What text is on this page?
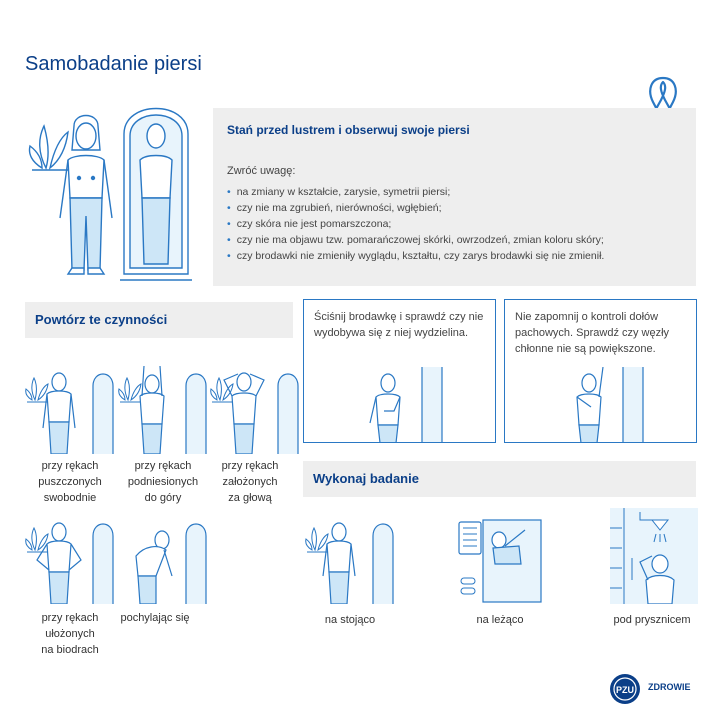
Samobadanie piersi
Stań przed lustrem i obserwuj swoje piersi
Zwróć uwagę:
• na zmiany w kształcie, zarysie, symetrii piersi;
• czy nie ma zgrubień, nierówności, wgłębień;
• czy skóra nie jest pomarszczona;
• czy nie ma objawu tzw. pomarańczowej skórki, owrzodzeń, zmian koloru skóry;
• czy brodawki nie zmieniły wyglądu, kształtu, czy zarys brodawki się nie zmienił.
Powtórz te czynności
przy rękach
puszczonych
swobodnie
przy rękach
podniesionych
do góry
przy rękach
założonych
za głową
przy rękach
ułożonych
na biodrach
pochylając się
Ściśnij brodawkę i sprawdź czy nie wydobywa się z niej wydzielina.
Nie zapomnij o kontroli dołów pachowych. Sprawdź czy węzły chłonne nie są powiększone.
Wykonaj badanie
na stojąco	na leżąco	pod prysznicem
PZU ZDROWIE
